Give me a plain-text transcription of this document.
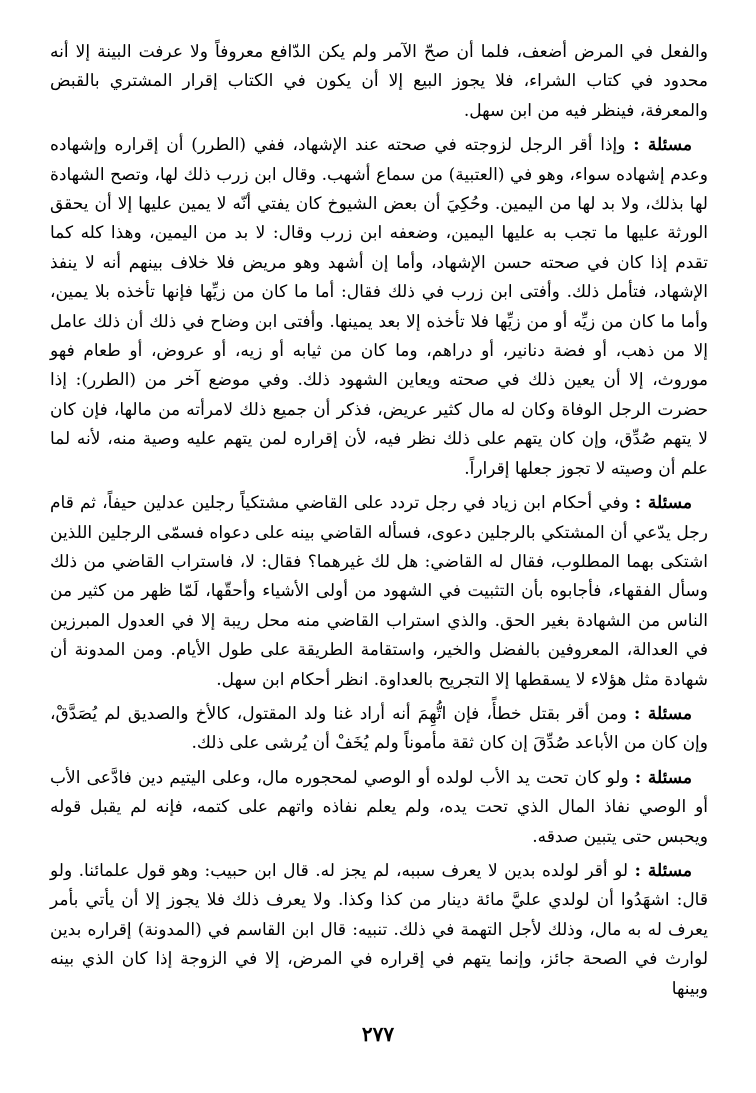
والفعل في المرض أضعف، فلما أن صحّ الآمر ولم يكن الدّافع معروفاً ولا عرفت البينة إلا أنه محدود في كتاب الشراء، فلا يجوز البيع إلا أن يكون في الكتاب إقرار المشتري بالقبض والمعرفة، فينظر فيه من ابن سهل.

مسئلة : وإذا أقر الرجل لزوجته في صحته عند الإشهاد، ففي (الطرر) أن إقراره وإشهاده وعدم إشهاده سواء، وهو في (العتبية) من سماع أشهب. وقال ابن زرب ذلك لها، وتصح الشهادة لها بذلك، ولا بد لها من اليمين. وحُكِيَ أن بعض الشيوخ كان يفتي أنّه لا يمين عليها إلا أن يحقق الورثة عليها ما تجب به عليها اليمين، وضعفه ابن زرب وقال: لا بد من اليمين، وهذا كله كما تقدم إذا كان في صحته حسن الإشهاد، وأما إن أشهد وهو مريض فلا خلاف بينهم أنه لا ينفذ الإشهاد، فتأمل ذلك. وأفتى ابن زرب في ذلك فقال: أما ما كان من زيِّها فإنها تأخذه بلا يمين، وأما ما كان من زيِّه أو من زيِّها فلا تأخذه إلا بعد يمينها. وأفتى ابن وضاح في ذلك أن ذلك عامل إلا من ذهب، أو فضة دنانير، أو دراهم، وما كان من ثيابه أو زيه، أو عروض، أو طعام فهو موروث، إلا أن يعين ذلك في صحته ويعاين الشهود ذلك. وفي موضع آخر من (الطرر): إذا حضرت الرجل الوفاة وكان له مال كثير عريض، فذكر أن جميع ذلك لامرأته من مالها، فإن كان لا يتهم صُدِّق، وإن كان يتهم على ذلك نظر فيه، لأن إقراره لمن يتهم عليه وصية منه، لأنه لما علم أن وصيته لا تجوز جعلها إقراراً.

مسئلة : وفي أحكام ابن زياد في رجل تردد على القاضي مشتكياً رجلين عدلين حيفاً، ثم قام رجل يدّعي أن المشتكي بالرجلين دعوى، فسأله القاضي بينه على دعواه فسمّى الرجلين اللذين اشتكى بهما المطلوب، فقال له القاضي: هل لك غيرهما؟ فقال: لا، فاستراب القاضي من ذلك وسأل الفقهاء، فأجابوه بأن التثبيت في الشهود من أولى الأشياء وأحقّها، لَمّا ظهر من كثير من الناس من الشهادة بغير الحق. والذي استراب القاضي منه محل ريبة إلا في العدول المبرزين في العدالة، المعروفين بالفضل والخير، واستقامة الطريقة على طول الأيام. ومن المدونة أن شهادة مثل هؤلاء لا يسقطها إلا التجريح بالعداوة. انظر أحكام ابن سهل.

مسئلة : ومن أقر بقتل خطأً، فإن اتُّهِمَ أنه أراد غنا ولد المقتول، كالأخ والصديق لم يُصَدَّقْ، وإن كان من الأباعد صُدِّقَ إن كان ثقة مأموناً ولم يُخَفْ أن يُرشى على ذلك.

مسئلة : ولو كان تحت يد الأب لولده أو الوصي لمحجوره مال، وعلى اليتيم دين فادَّعى الأب أو الوصي نفاذ المال الذي تحت يده، ولم يعلم نفاذه واتهم على كتمه، فإنه لم يقبل قوله ويحبس حتى يتبين صدقه.

مسئلة : لو أقر لولده بدين لا يعرف سببه، لم يجز له. قال ابن حبيب: وهو قول علمائنا. ولو قال: اشهَدُوا أن لولدي عليَّ مائة دينار من كذا وكذا. ولا يعرف ذلك فلا يجوز إلا أن يأتي بأمر يعرف له به مال، وذلك لأجل التهمة في ذلك. تنبيه: قال ابن القاسم في (المدونة) إقراره بدين لوارث في الصحة جائز، وإنما يتهم في إقراره في المرض، إلا في الزوجة إذا كان الذي بينه وبينها

٢٧٧
